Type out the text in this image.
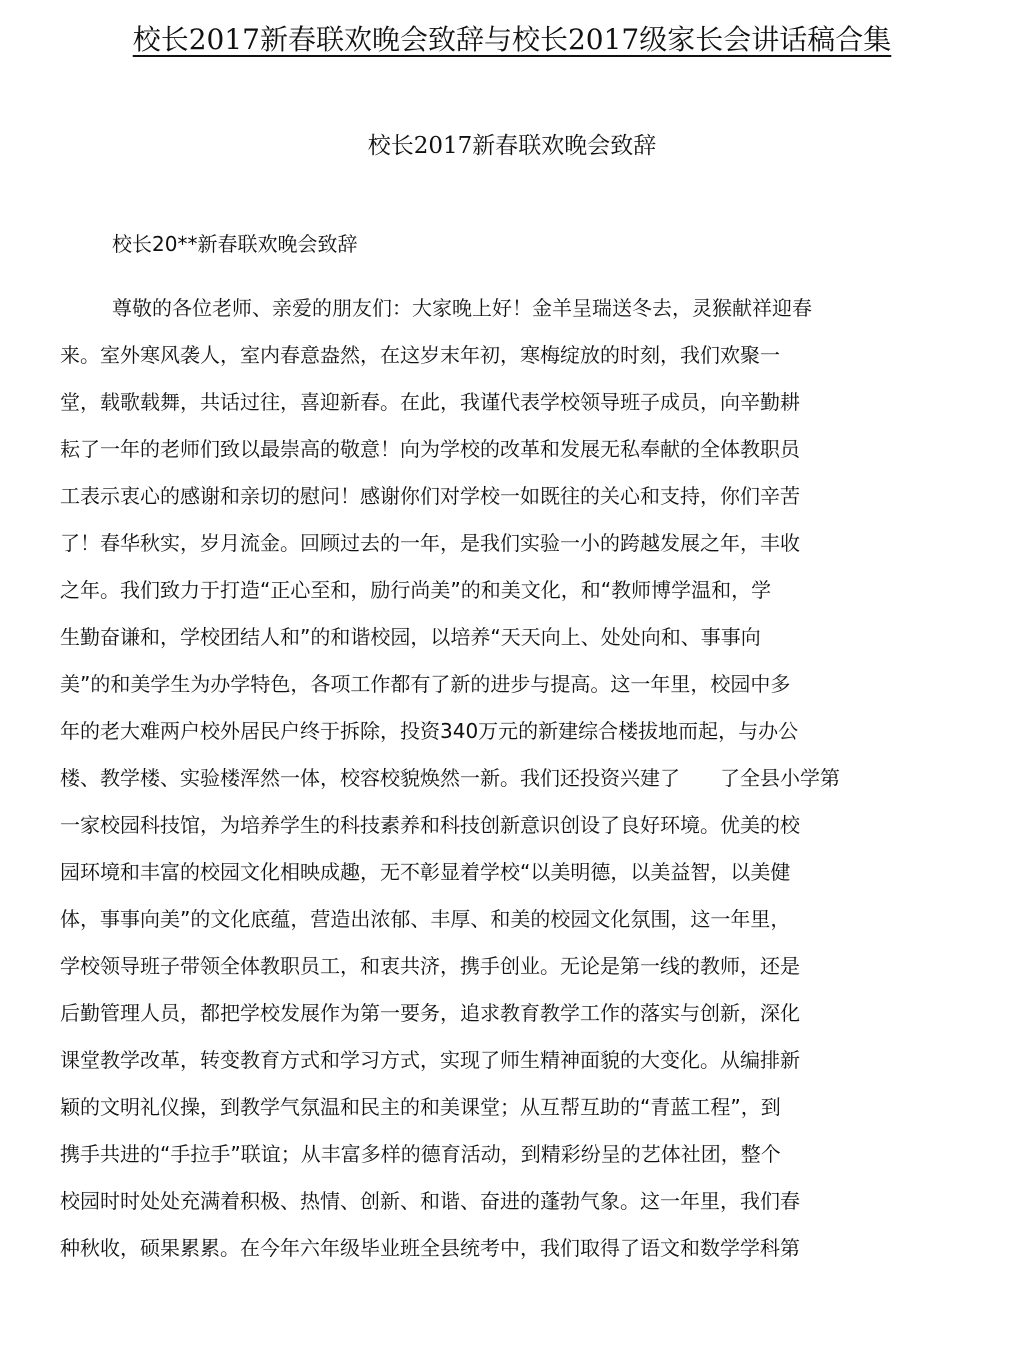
校长2017新春联欢晚会致辞与校长2017级家长会讲话稿合集
校长2017新春联欢晚会致辞

校长20**新春联欢晚会致辞

尊敬的各位老师、亲爱的朋友们：大家晚上好！金羊呈瑞送冬去，灵猴献祥迎春
来。室外寒风袭人，室内春意盎然，在这岁末年初，寒梅绽放的时刻，我们欢聚一
堂，载歌载舞，共话过往，喜迎新春。在此，我谨代表学校领导班子成员，向辛勤耕
耘了一年的老师们致以最崇高的敬意！向为学校的改革和发展无私奉献的全体教职员
工表示衷心的感谢和亲切的慰问！感谢你们对学校一如既往的关心和支持，你们辛苦
了！春华秋实，岁月流金。回顾过去的一年，是我们实验一小的跨越发展之年，丰收
之年。我们致力于打造“正心至和，励行尚美”的和美文化，和“教师博学温和，学
生勤奋谦和，学校团结人和”的和谐校园，以培养“天天向上、处处向和、事事向
美”的和美学生为办学特色，各项工作都有了新的进步与提高。这一年里，校园中多
年的老大难两户校外居民户终于拆除，投资340万元的新建综合楼拔地而起，与办公
楼、教学楼、实验楼浑然一体，校容校貌焕然一新。我们还投资兴建了　　了全县小学第
一家校园科技馆，为培养学生的科技素养和科技创新意识创设了良好环境。优美的校
园环境和丰富的校园文化相映成趣，无不彰显着学校“以美明德，以美益智，以美健
体，事事向美”的文化底蕴，营造出浓郁、丰厚、和美的校园文化氛围，这一年里，
学校领导班子带领全体教职员工，和衷共济，携手创业。无论是第一线的教师，还是
后勤管理人员，都把学校发展作为第一要务，追求教育教学工作的落实与创新，深化
课堂教学改革，转变教育方式和学习方式，实现了师生精神面貌的大变化。从编排新
颖的文明礼仪操，到教学气氛温和民主的和美课堂；从互帮互助的“青蓝工程”，到
携手共进的“手拉手”联谊；从丰富多样的德育活动，到精彩纷呈的艺体社团，整个
校园时时处处充满着积极、热情、创新、和谐、奋进的蓬勃气象。这一年里，我们春
种秋收，硕果累累。在今年六年级毕业班全县统考中，我们取得了语文和数学学科第
